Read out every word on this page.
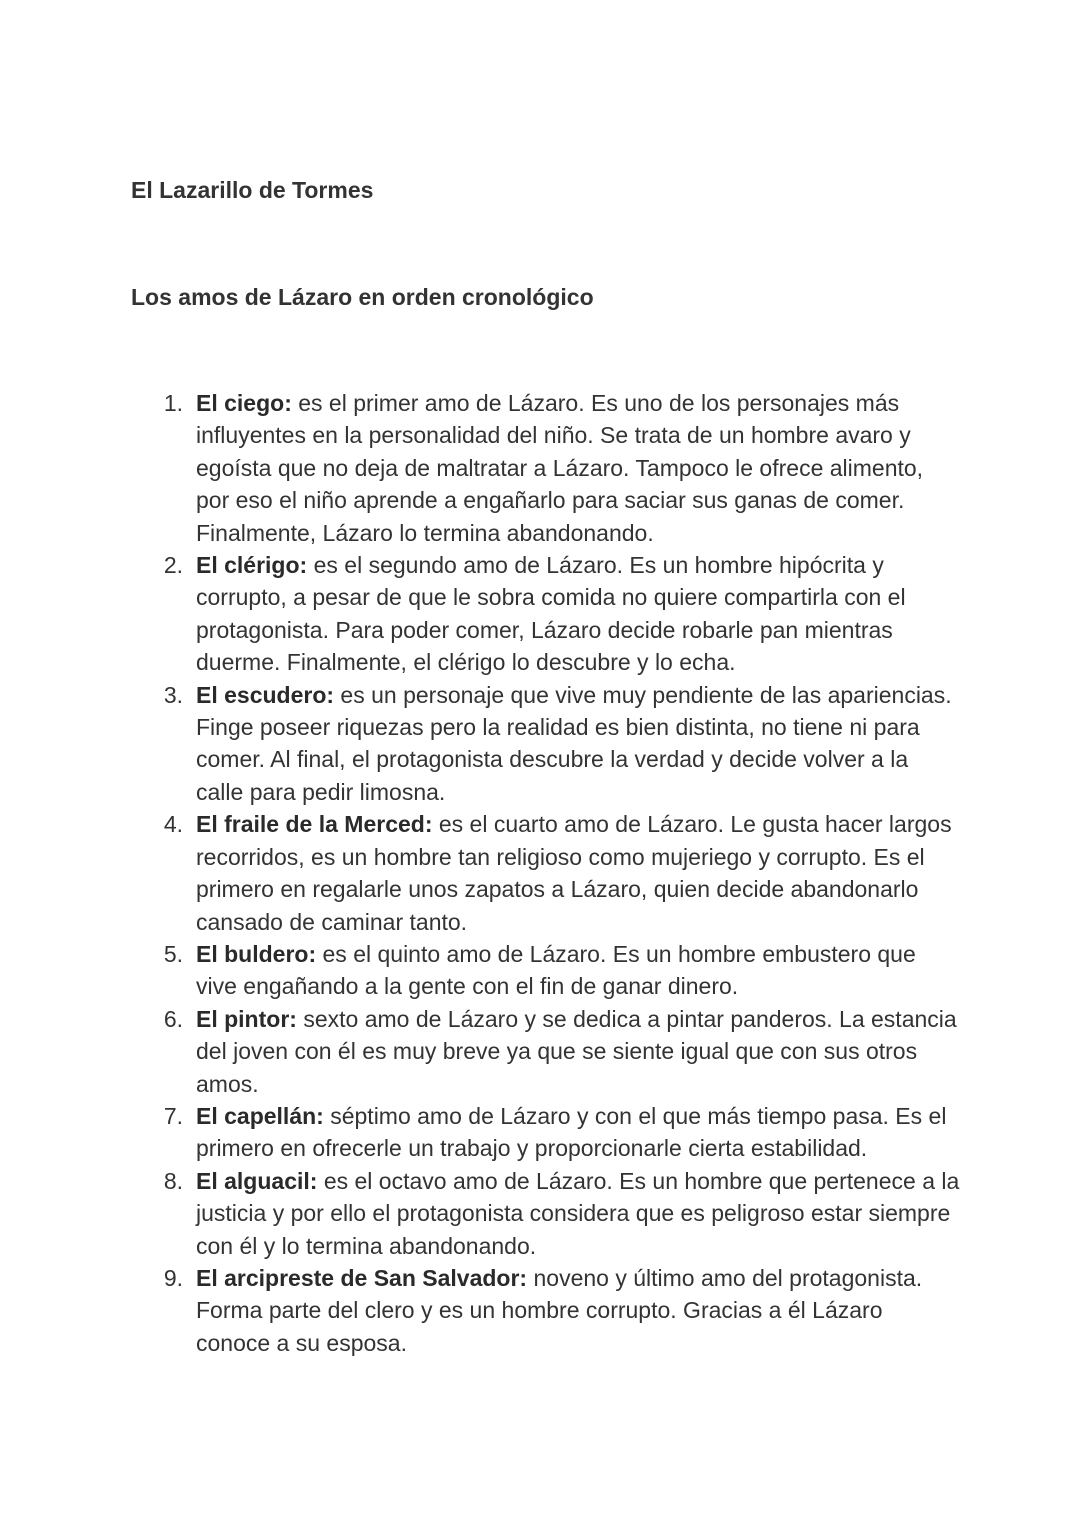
El Lazarillo de Tormes
Los amos de Lázaro en orden cronológico
1. El ciego: es el primer amo de Lázaro. Es uno de los personajes más influyentes en la personalidad del niño. Se trata de un hombre avaro y egoísta que no deja de maltratar a Lázaro. Tampoco le ofrece alimento, por eso el niño aprende a engañarlo para saciar sus ganas de comer. Finalmente, Lázaro lo termina abandonando.
2. El clérigo: es el segundo amo de Lázaro. Es un hombre hipócrita y corrupto, a pesar de que le sobra comida no quiere compartirla con el protagonista. Para poder comer, Lázaro decide robarle pan mientras duerme. Finalmente, el clérigo lo descubre y lo echa.
3. El escudero: es un personaje que vive muy pendiente de las apariencias. Finge poseer riquezas pero la realidad es bien distinta, no tiene ni para comer. Al final, el protagonista descubre la verdad y decide volver a la calle para pedir limosna.
4. El fraile de la Merced: es el cuarto amo de Lázaro. Le gusta hacer largos recorridos, es un hombre tan religioso como mujeriego y corrupto. Es el primero en regalarle unos zapatos a Lázaro, quien decide abandonarlo cansado de caminar tanto.
5. El buldero: es el quinto amo de Lázaro. Es un hombre embustero que vive engañando a la gente con el fin de ganar dinero.
6. El pintor: sexto amo de Lázaro y se dedica a pintar panderos. La estancia del joven con él es muy breve ya que se siente igual que con sus otros amos.
7. El capellán: séptimo amo de Lázaro y con el que más tiempo pasa. Es el primero en ofrecerle un trabajo y proporcionarle cierta estabilidad.
8. El alguacil: es el octavo amo de Lázaro. Es un hombre que pertenece a la justicia y por ello el protagonista considera que es peligroso estar siempre con él y lo termina abandonando.
9. El arcipreste de San Salvador: noveno y último amo del protagonista. Forma parte del clero y es un hombre corrupto. Gracias a él Lázaro conoce a su esposa.
